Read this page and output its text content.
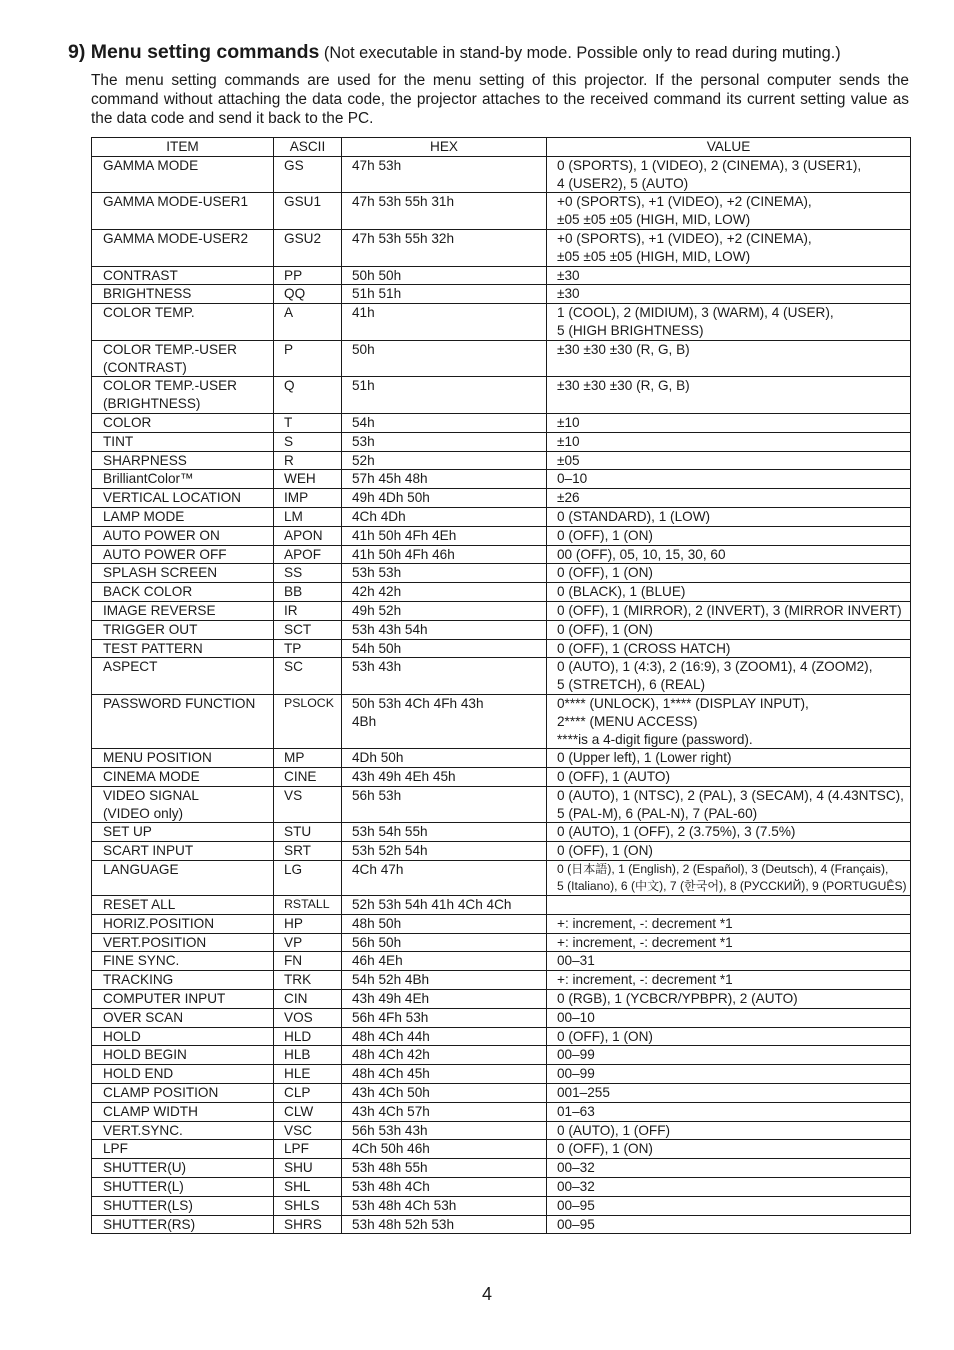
9) Menu setting commands (Not executable in stand-by mode. Possible only to read during muting.)
The menu setting commands are used for the menu setting of this projector. If the personal computer sends the command without attaching the data code, the projector attaches to the received command its current setting value as the data code and send it back to the PC.
ITEM	ASCII	HEX	VALUE
GAMMA MODE	GS	47h 53h	0 (SPORTS), 1 (VIDEO), 2 (CINEMA), 3 (USER1),
4 (USER2), 5 (AUTO)
GAMMA MODE-USER1	GSU1	47h 53h 55h 31h	+0 (SPORTS), +1 (VIDEO), +2 (CINEMA),
±05 ±05 ±05 (HIGH, MID, LOW)
GAMMA MODE-USER2	GSU2	47h 53h 55h 32h	+0 (SPORTS), +1 (VIDEO), +2 (CINEMA),
±05 ±05 ±05 (HIGH, MID, LOW)
CONTRAST	PP	50h 50h	±30
BRIGHTNESS	QQ	51h 51h	±30
COLOR TEMP.	A	41h	1 (COOL), 2 (MIDIUM), 3 (WARM), 4 (USER),
5 (HIGH BRIGHTNESS)
COLOR TEMP.-USER
(CONTRAST)	P	50h	±30 ±30 ±30 (R, G, B)
COLOR TEMP.-USER
(BRIGHTNESS)	Q	51h	±30 ±30 ±30 (R, G, B)
COLOR	T	54h	±10
TINT	S	53h	±10
SHARPNESS	R	52h	±05
BrilliantColor™	WEH	57h 45h 48h	0–10
VERTICAL LOCATION	IMP	49h 4Dh 50h	±26
LAMP MODE	LM	4Ch 4Dh	0 (STANDARD), 1 (LOW)
AUTO POWER ON	APON	41h 50h 4Fh 4Eh	0 (OFF), 1 (ON)
AUTO POWER OFF	APOF	41h 50h 4Fh 46h	00 (OFF), 05, 10, 15, 30, 60
SPLASH SCREEN	SS	53h 53h	0 (OFF), 1 (ON)
BACK COLOR	BB	42h 42h	0 (BLACK), 1 (BLUE)
IMAGE REVERSE	IR	49h 52h	0 (OFF), 1 (MIRROR), 2 (INVERT), 3 (MIRROR INVERT)
TRIGGER OUT	SCT	53h 43h 54h	0 (OFF), 1 (ON)
TEST PATTERN	TP	54h 50h	0 (OFF), 1 (CROSS HATCH)
ASPECT	SC	53h 43h	0 (AUTO), 1 (4:3), 2 (16:9), 3 (ZOOM1), 4 (ZOOM2),
5 (STRETCH), 6 (REAL)
PASSWORD FUNCTION	PSLOCK	50h 53h 4Ch 4Fh 43h
4Bh	0**** (UNLOCK), 1**** (DISPLAY INPUT),
2**** (MENU ACCESS)
****is a 4-digit figure (password).
MENU POSITION	MP	4Dh 50h	0 (Upper left), 1 (Lower right)
CINEMA MODE	CINE	43h 49h 4Eh 45h	0 (OFF), 1 (AUTO)
VIDEO SIGNAL
(VIDEO only)	VS	56h 53h	0 (AUTO), 1 (NTSC), 2 (PAL), 3 (SECAM), 4 (4.43NTSC),
5 (PAL-M), 6 (PAL-N), 7 (PAL-60)
SET UP	STU	53h 54h 55h	0 (AUTO), 1 (OFF), 2 (3.75%), 3 (7.5%)
SCART INPUT	SRT	53h 52h 54h	0 (OFF), 1 (ON)
LANGUAGE	LG	4Ch 47h	0 (日本語), 1 (English), 2 (Español), 3 (Deutsch), 4 (Français),
5 (Italiano), 6 (中文), 7 (한국어), 8 (РУССКИЙ), 9 (PORTUGUÊS)
RESET ALL	RSTALL	52h 53h 54h 41h 4Ch 4Ch	
HORIZ.POSITION	HP	48h 50h	+: increment, -: decrement *1
VERT.POSITION	VP	56h 50h	+: increment, -: decrement *1
FINE SYNC.	FN	46h 4Eh	00–31
TRACKING	TRK	54h 52h 4Bh	+: increment, -: decrement *1
COMPUTER INPUT	CIN	43h 49h 4Eh	0 (RGB), 1 (YCBCR/YPBPR), 2 (AUTO)
OVER SCAN	VOS	56h 4Fh 53h	00–10
HOLD	HLD	48h 4Ch 44h	0 (OFF), 1 (ON)
HOLD BEGIN	HLB	48h 4Ch 42h	00–99
HOLD END	HLE	48h 4Ch 45h	00–99
CLAMP POSITION	CLP	43h 4Ch 50h	001–255
CLAMP WIDTH	CLW	43h 4Ch 57h	01–63
VERT.SYNC.	VSC	56h 53h 43h	0 (AUTO), 1 (OFF)
LPF	LPF	4Ch 50h 46h	0 (OFF), 1 (ON)
SHUTTER(U)	SHU	53h 48h 55h	00–32
SHUTTER(L)	SHL	53h 48h 4Ch	00–32
SHUTTER(LS)	SHLS	53h 48h 4Ch 53h	00–95
SHUTTER(RS)	SHRS	53h 48h 52h 53h	00–95
4
